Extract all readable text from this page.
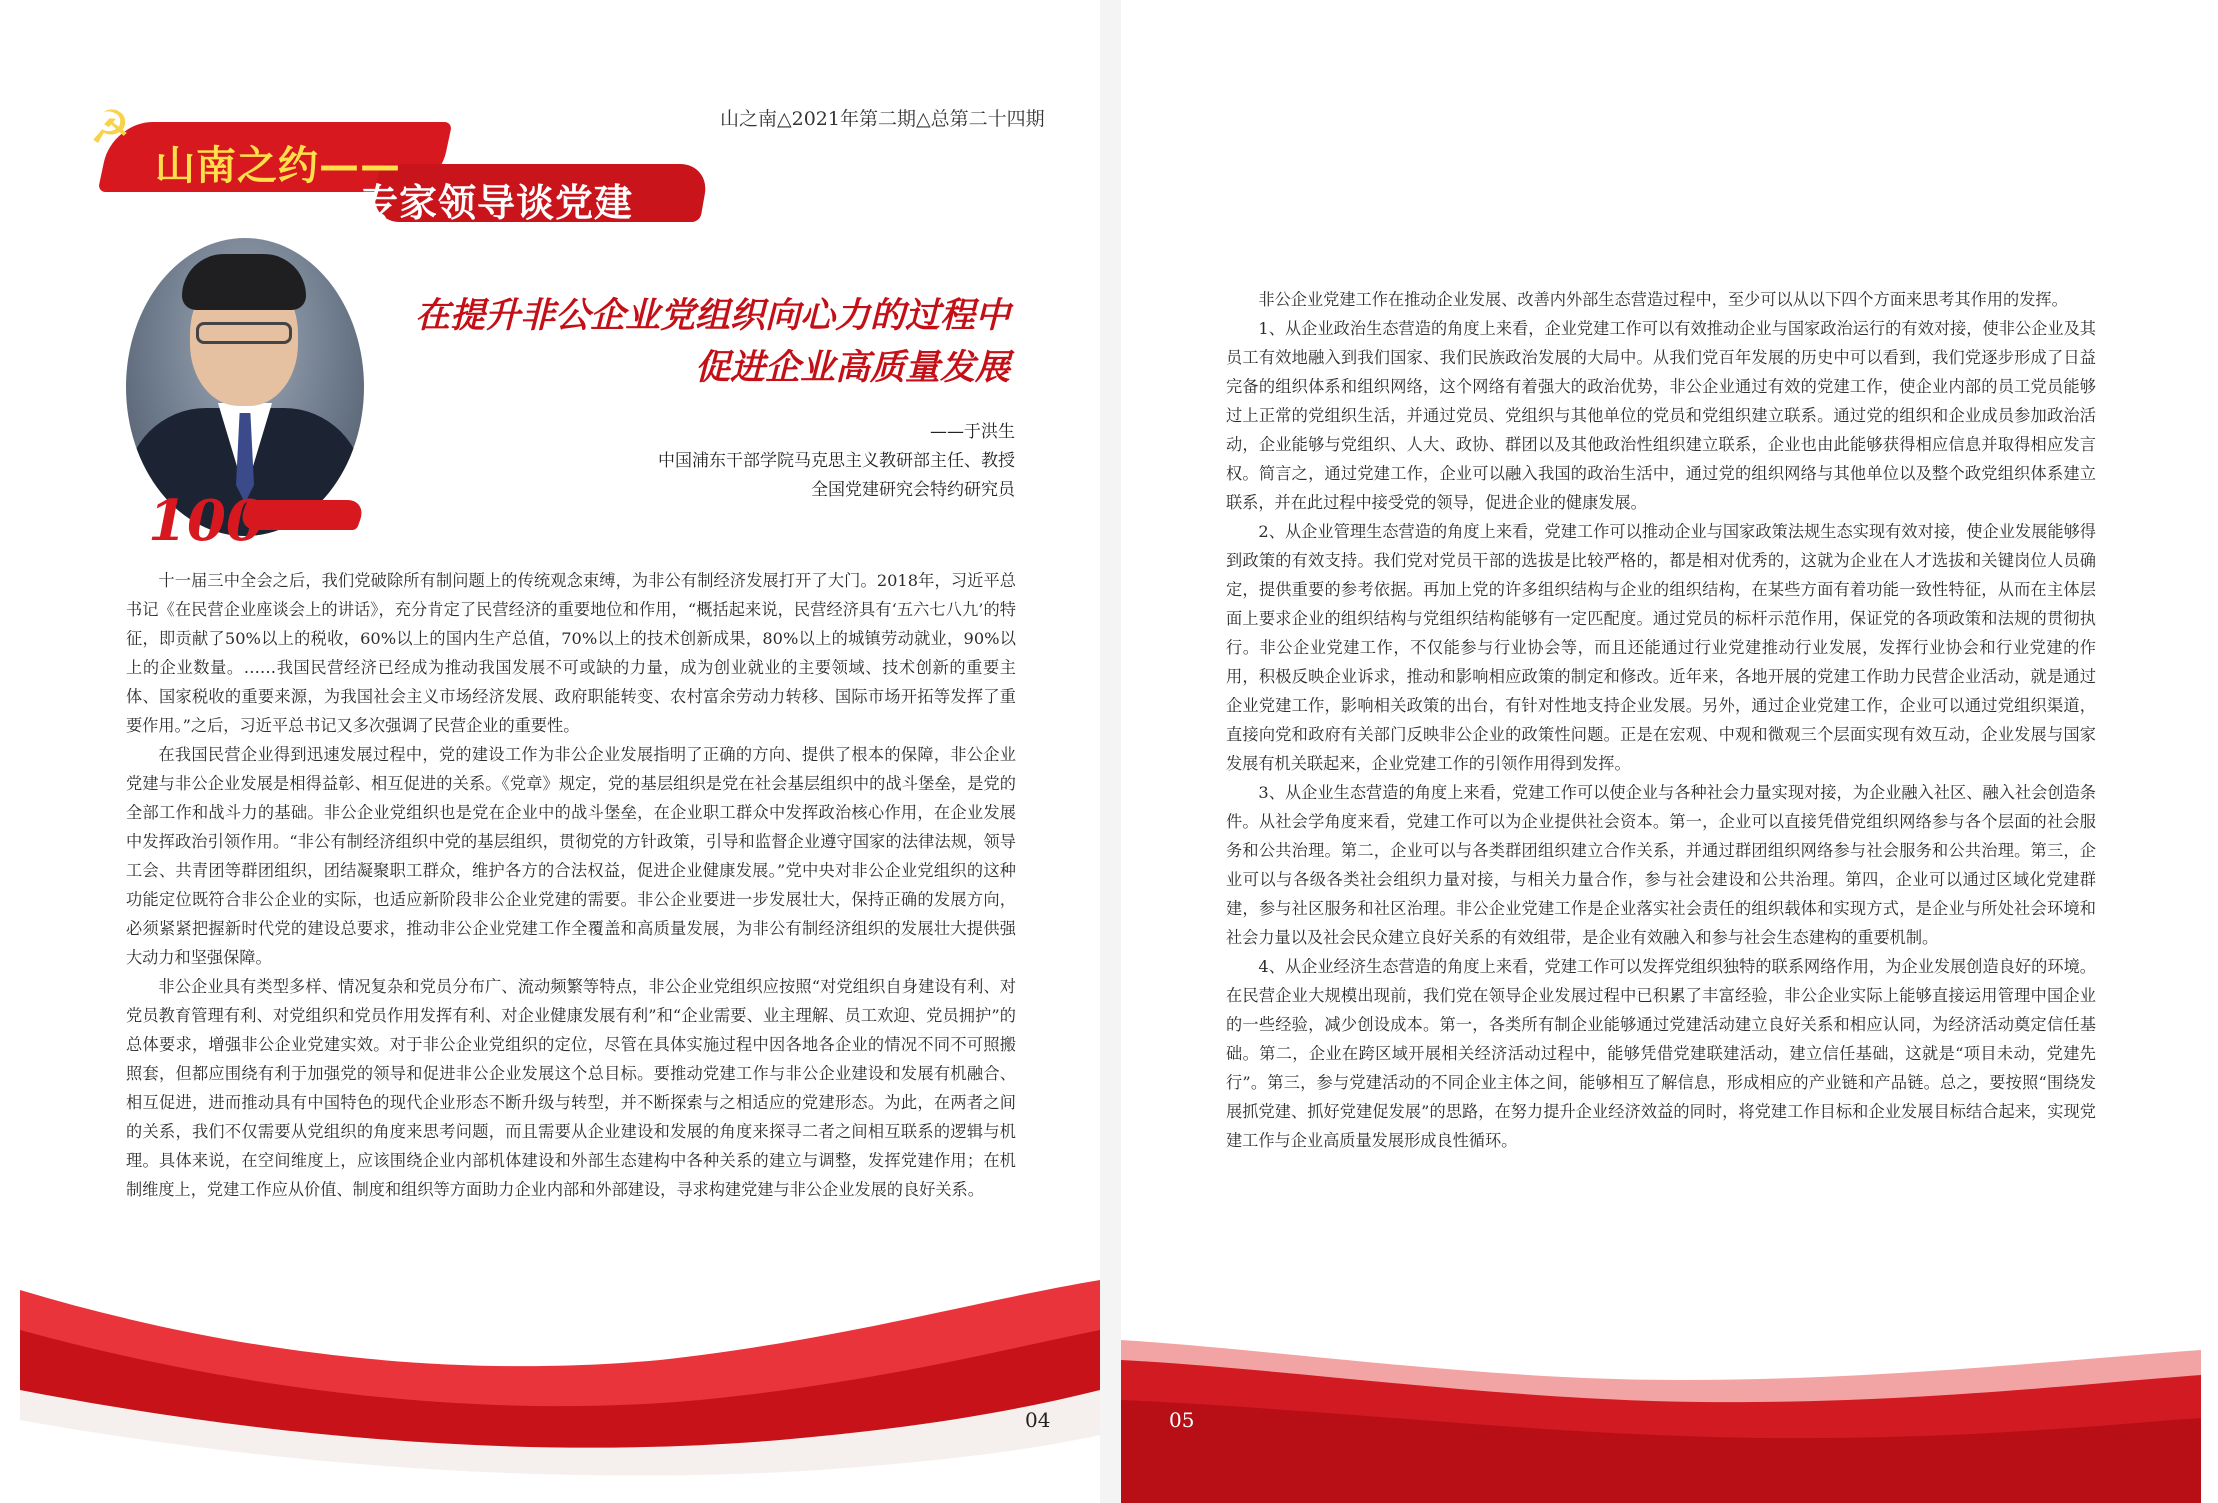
☭
山南之约——
专家领导谈党建
山之南△2021年第二期△总第二十四期
100
在提升非公企业党组织向心力的过程中
促进企业高质量发展
——于洪生
中国浦东干部学院马克思主义教研部主任、教授
全国党建研究会特约研究员

十一届三中全会之后，我们党破除所有制问题上的传统观念束缚，为非公有制经济发展打开了大门。2018年，习近平总书记《在民营企业座谈会上的讲话》，充分肯定了民营经济的重要地位和作用，“概括起来说，民营经济具有‘五六七八九’的特征，即贡献了50%以上的税收，60%以上的国内生产总值，70%以上的技术创新成果，80%以上的城镇劳动就业，90%以上的企业数量。……我国民营经济已经成为推动我国发展不可或缺的力量，成为创业就业的主要领域、技术创新的重要主体、国家税收的重要来源，为我国社会主义市场经济发展、政府职能转变、农村富余劳动力转移、国际市场开拓等发挥了重要作用。”之后，习近平总书记又多次强调了民营企业的重要性。

在我国民营企业得到迅速发展过程中，党的建设工作为非公企业发展指明了正确的方向、提供了根本的保障，非公企业党建与非公企业发展是相得益彰、相互促进的关系。《党章》规定，党的基层组织是党在社会基层组织中的战斗堡垒，是党的全部工作和战斗力的基础。非公企业党组织也是党在企业中的战斗堡垒，在企业职工群众中发挥政治核心作用，在企业发展中发挥政治引领作用。“非公有制经济组织中党的基层组织，贯彻党的方针政策，引导和监督企业遵守国家的法律法规，领导工会、共青团等群团组织，团结凝聚职工群众，维护各方的合法权益，促进企业健康发展。”党中央对非公企业党组织的这种功能定位既符合非公企业的实际，也适应新阶段非公企业党建的需要。非公企业要进一步发展壮大，保持正确的发展方向，必须紧紧把握新时代党的建设总要求，推动非公企业党建工作全覆盖和高质量发展，为非公有制经济组织的发展壮大提供强大动力和坚强保障。

非公企业具有类型多样、情况复杂和党员分布广、流动频繁等特点，非公企业党组织应按照“对党组织自身建设有利、对党员教育管理有利、对党组织和党员作用发挥有利、对企业健康发展有利”和“企业需要、业主理解、员工欢迎、党员拥护”的总体要求，增强非公企业党建实效。对于非公企业党组织的定位，尽管在具体实施过程中因各地各企业的情况不同不可照搬照套，但都应围绕有利于加强党的领导和促进非公企业发展这个总目标。要推动党建工作与非公企业建设和发展有机融合、相互促进，进而推动具有中国特色的现代企业形态不断升级与转型，并不断探索与之相适应的党建形态。为此，在两者之间的关系，我们不仅需要从党组织的角度来思考问题，而且需要从企业建设和发展的角度来探寻二者之间相互联系的逻辑与机理。具体来说，在空间维度上，应该围绕企业内部机体建设和外部生态建构中各种关系的建立与调整，发挥党建作用；在机制维度上，党建工作应从价值、制度和组织等方面助力企业内部和外部建设，寻求构建党建与非公企业发展的良好关系。

04

非公企业党建工作在推动企业发展、改善内外部生态营造过程中，至少可以从以下四个方面来思考其作用的发挥。

1、从企业政治生态营造的角度上来看，企业党建工作可以有效推动企业与国家政治运行的有效对接，使非公企业及其员工有效地融入到我们国家、我们民族政治发展的大局中。从我们党百年发展的历史中可以看到，我们党逐步形成了日益完备的组织体系和组织网络，这个网络有着强大的政治优势，非公企业通过有效的党建工作，使企业内部的员工党员能够过上正常的党组织生活，并通过党员、党组织与其他单位的党员和党组织建立联系。通过党的组织和企业成员参加政治活动，企业能够与党组织、人大、政协、群团以及其他政治性组织建立联系，企业也由此能够获得相应信息并取得相应发言权。简言之，通过党建工作，企业可以融入我国的政治生活中，通过党的组织网络与其他单位以及整个政党组织体系建立联系，并在此过程中接受党的领导，促进企业的健康发展。

2、从企业管理生态营造的角度上来看，党建工作可以推动企业与国家政策法规生态实现有效对接，使企业发展能够得到政策的有效支持。我们党对党员干部的选拔是比较严格的，都是相对优秀的，这就为企业在人才选拔和关键岗位人员确定，提供重要的参考依据。再加上党的许多组织结构与企业的组织结构，在某些方面有着功能一致性特征，从而在主体层面上要求企业的组织结构与党组织结构能够有一定匹配度。通过党员的标杆示范作用，保证党的各项政策和法规的贯彻执行。非公企业党建工作，不仅能参与行业协会等，而且还能通过行业党建推动行业发展，发挥行业协会和行业党建的作用，积极反映企业诉求，推动和影响相应政策的制定和修改。近年来，各地开展的党建工作助力民营企业活动，就是通过企业党建工作，影响相关政策的出台，有针对性地支持企业发展。另外，通过企业党建工作，企业可以通过党组织渠道，直接向党和政府有关部门反映非公企业的政策性问题。正是在宏观、中观和微观三个层面实现有效互动，企业发展与国家发展有机关联起来，企业党建工作的引领作用得到发挥。

3、从企业生态营造的角度上来看，党建工作可以使企业与各种社会力量实现对接，为企业融入社区、融入社会创造条件。从社会学角度来看，党建工作可以为企业提供社会资本。第一，企业可以直接凭借党组织网络参与各个层面的社会服务和公共治理。第二，企业可以与各类群团组织建立合作关系，并通过群团组织网络参与社会服务和公共治理。第三，企业可以与各级各类社会组织力量对接，与相关力量合作，参与社会建设和公共治理。第四，企业可以通过区域化党建群建，参与社区服务和社区治理。非公企业党建工作是企业落实社会责任的组织载体和实现方式，是企业与所处社会环境和社会力量以及社会民众建立良好关系的有效组带，是企业有效融入和参与社会生态建构的重要机制。

4、从企业经济生态营造的角度上来看，党建工作可以发挥党组织独特的联系网络作用，为企业发展创造良好的环境。在民营企业大规模出现前，我们党在领导企业发展过程中已积累了丰富经验，非公企业实际上能够直接运用管理中国企业的一些经验，减少创设成本。第一，各类所有制企业能够通过党建活动建立良好关系和相应认同，为经济活动奠定信任基础。第二，企业在跨区域开展相关经济活动过程中，能够凭借党建联建活动，建立信任基础，这就是“项目未动，党建先行”。第三，参与党建活动的不同企业主体之间，能够相互了解信息，形成相应的产业链和产品链。总之，要按照“围绕发展抓党建、抓好党建促发展”的思路，在努力提升企业经济效益的同时，将党建工作目标和企业发展目标结合起来，实现党建工作与企业高质量发展形成良性循环。

05
